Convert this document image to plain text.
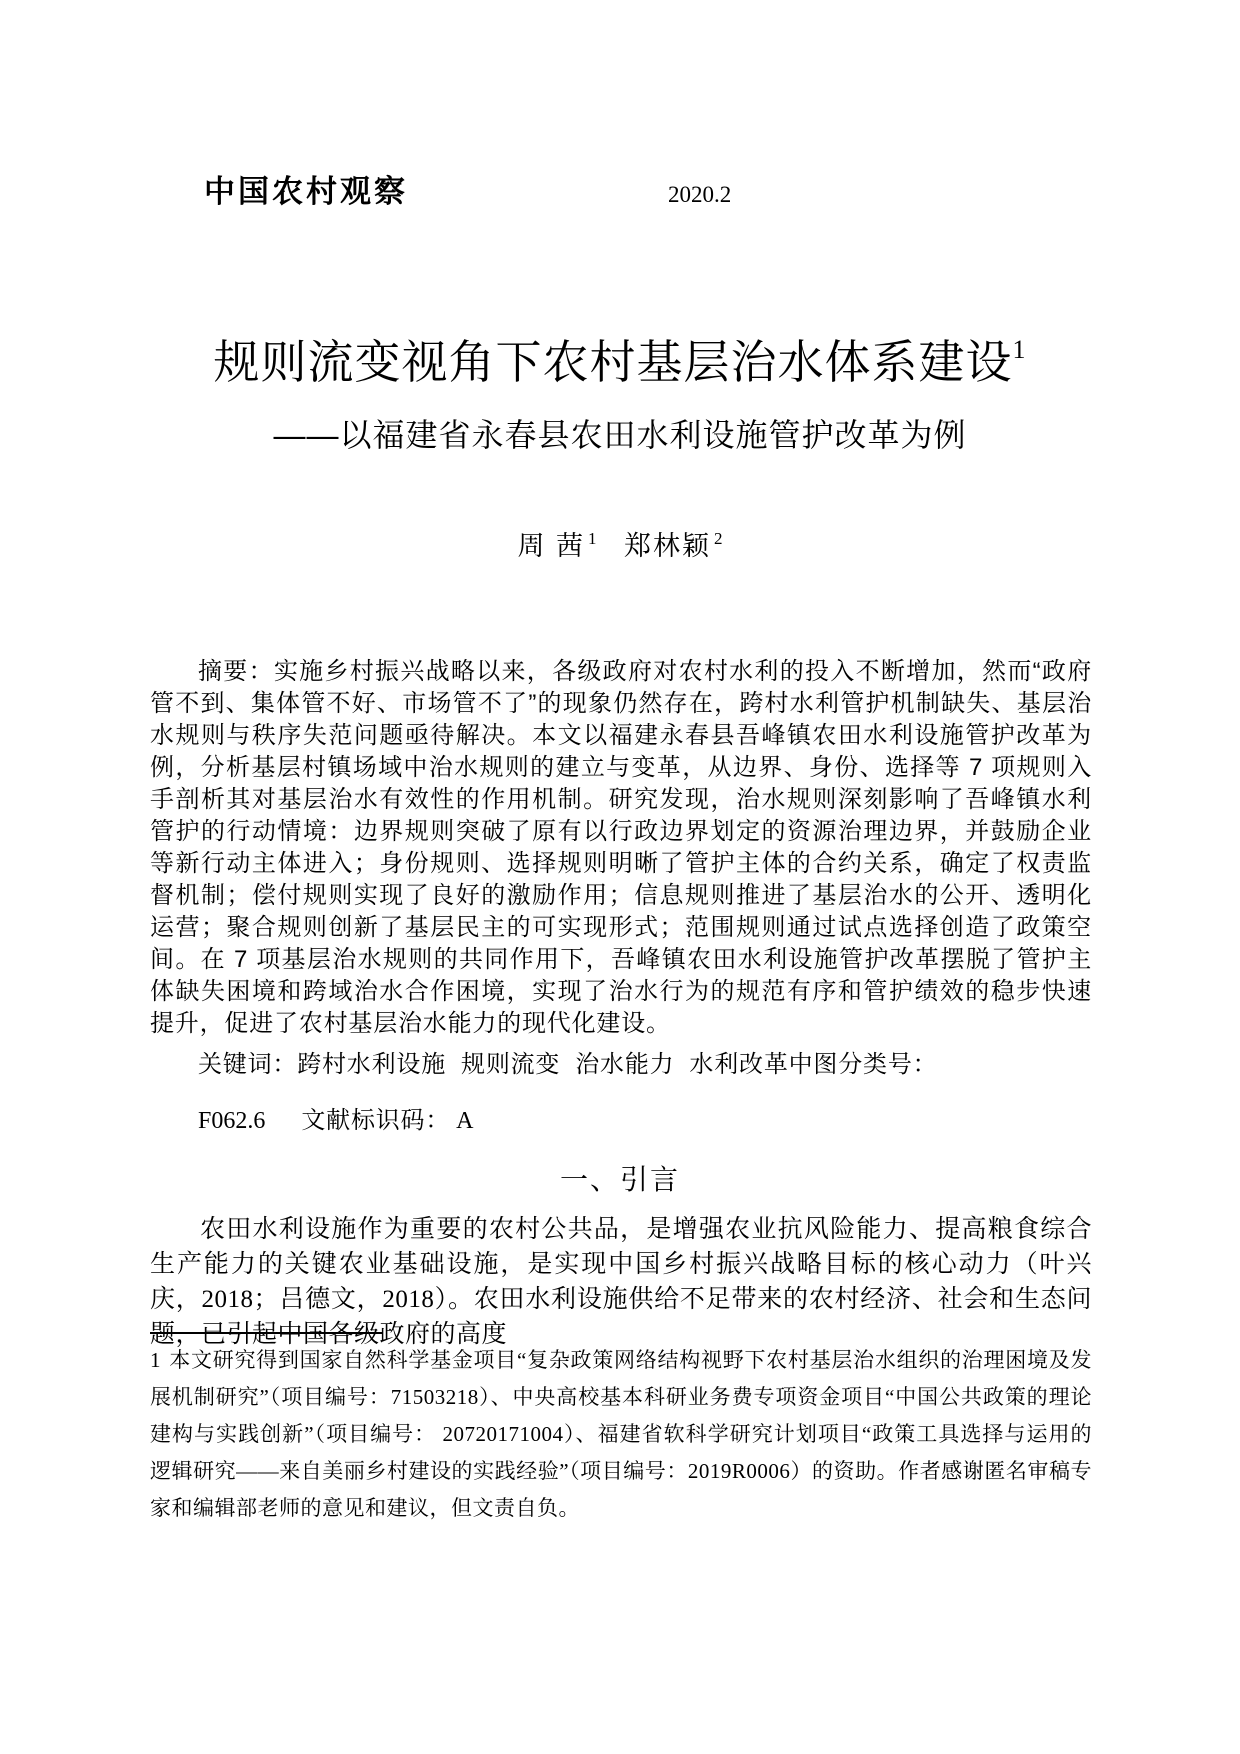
中国农村观察	2020.2
规则流变视角下农村基层治水体系建设$^1$
——以福建省永春县农田水利设施管护改革为例
周 茜 $^1$ 郑林颖 $^2$

摘要：实施乡村振兴战略以来，各级政府对农村水利的投入不断增加，然而“政府管不到、集体管不好、市场管不了”的现象仍然存在，跨村水利管护机制缺失、基层治水规则与秩序失范问题亟待解决。本文以福建永春县吾峰镇农田水利设施管护改革为例，分析基层村镇场域中治水规则的建立与变革，从边界、身份、选择等 7 项规则入手剖析其对基层治水有效性的作用机制。研究发现，治水规则深刻影响了吾峰镇水利管护的行动情境：边界规则突破了原有以行政边界划定的资源治理边界，并鼓励企业等新行动主体进入；身份规则、选择规则明晰了管护主体的合约关系，确定了权责监督机制；偿付规则实现了良好的激励作用；信息规则推进了基层治水的公开、透明化运营；聚合规则创新了基层民主的可实现形式；范围规则通过试点选择创造了政策空间。在 7 项基层治水规则的共同作用下，吾峰镇农田水利设施管护改革摆脱了管护主体缺失困境和跨域治水合作困境，实现了治水行为的规范有序和管护绩效的稳步快速提升，促进了农村基层治水能力的现代化建设。

关键词：跨村水利设施 规则流变 治水能力 水利改革中图分类号：

F062.6 文献标识码： A

一、引言

农田水利设施作为重要的农村公共品，是增强农业抗风险能力、提高粮食综合生产能力的关键农业基础设施，是实现中国乡村振兴战略目标的核心动力（叶兴庆，2018；吕德文，2018）。农田水利设施供给不足带来的农村经济、社会和生态问题，已引起中国各级政府的高度

1 本文研究得到国家自然科学基金项目“复杂政策网络结构视野下农村基层治水组织的治理困境及发展机制研究”（项目编号：71503218）、中央高校基本科研业务费专项资金项目“中国公共政策的理论建构与实践创新”（项目编号： 20720171004）、福建省软科学研究计划项目“政策工具选择与运用的逻辑研究——来自美丽乡村建设的实践经验”（项目编号：2019R0006）的资助。作者感谢匿名审稿专家和编辑部老师的意见和建议，但文责自负。
